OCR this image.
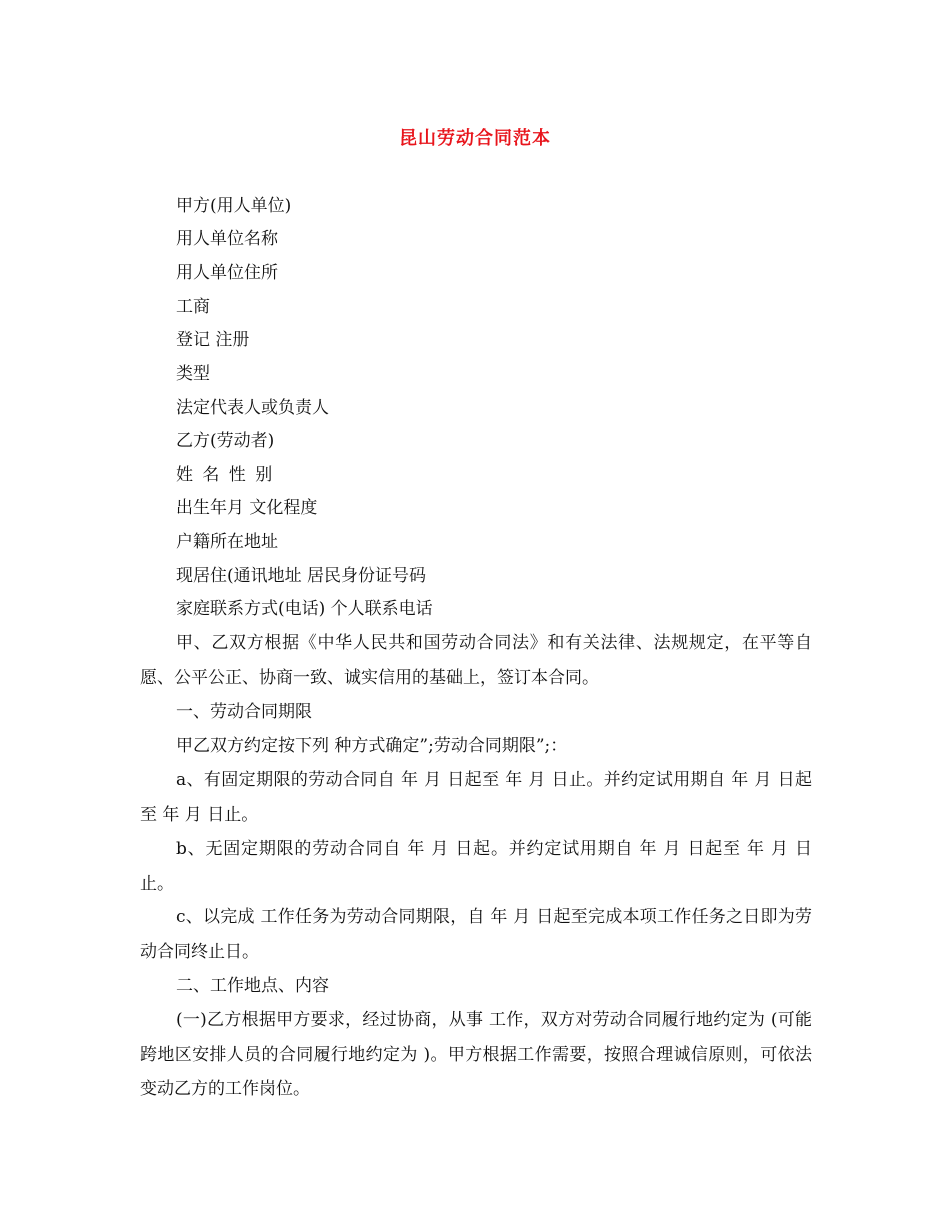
昆山劳动合同范本
甲方(用人单位)
用人单位名称
用人单位住所
工商
登记 注册
类型
法定代表人或负责人
乙方(劳动者)
姓 名 性 别
出生年月 文化程度
户籍所在地址
现居住(通讯地址 居民身份证号码
家庭联系方式(电话) 个人联系电话
甲、乙双方根据《中华人民共和国劳动合同法》和有关法律、法规规定，在平等自愿、公平公正、协商一致、诚实信用的基础上，签订本合同。
一、劳动合同期限
甲乙双方约定按下列 种方式确定”;劳动合同期限”;：
a、有固定期限的劳动合同自 年 月 日起至 年 月 日止。并约定试用期自 年 月 日起至 年 月 日止。
b、无固定期限的劳动合同自 年 月 日起。并约定试用期自 年 月 日起至 年 月 日止。
c、以完成 工作任务为劳动合同期限，自 年 月 日起至完成本项工作任务之日即为劳动合同终止日。
二、工作地点、内容
(一)乙方根据甲方要求，经过协商，从事 工作，双方对劳动合同履行地约定为 (可能跨地区安排人员的合同履行地约定为 )。甲方根据工作需要，按照合理诚信原则，可依法变动乙方的工作岗位。
